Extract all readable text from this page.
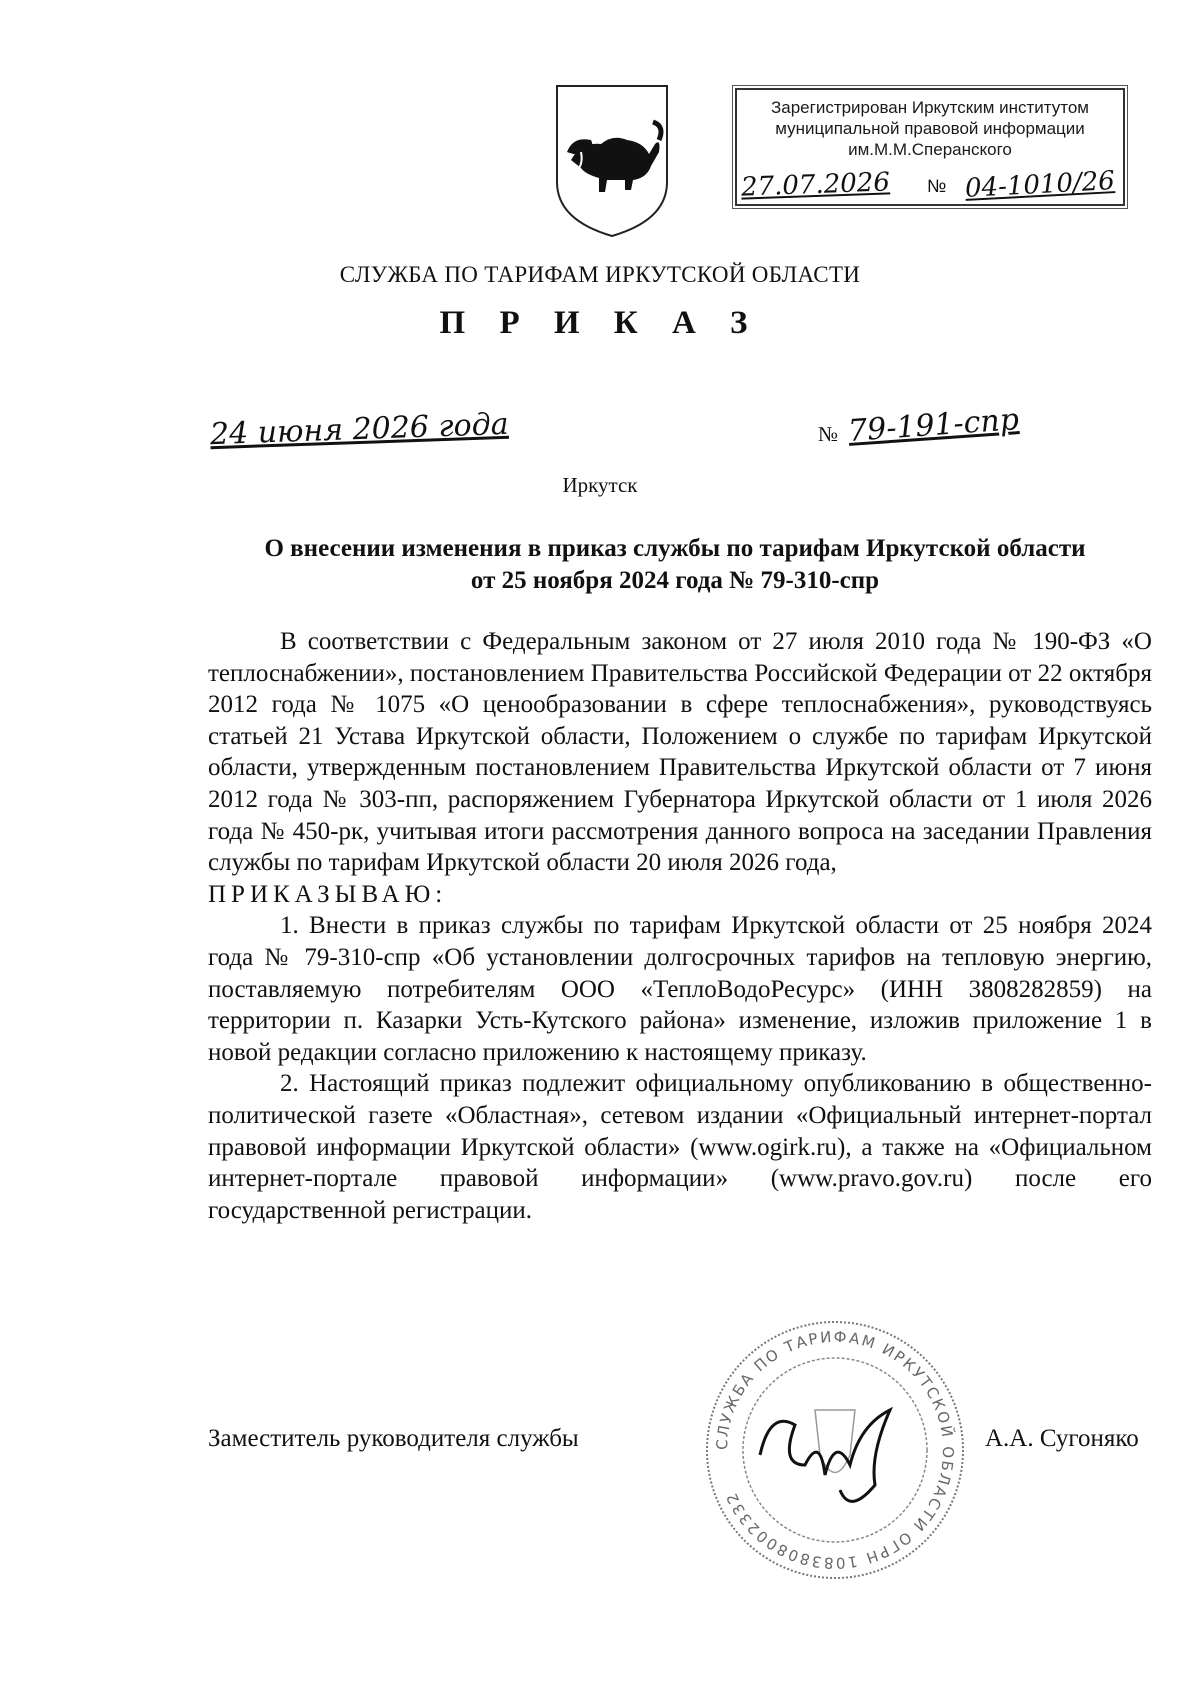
Зарегистрирован Иркутским институтом
муниципальной правовой информации
им.М.М.Сперанского
27.07.2026 № 04-1010/26
СЛУЖБА ПО ТАРИФАМ ИРКУТСКОЙ ОБЛАСТИ
П Р И К А З
24 июня 2026 года	№ 79-191-спр
Иркутск
О внесении изменения в приказ службы по тарифам Иркутской области
от 25 ноября 2024 года № 79-310-спр

В соответствии с Федеральным законом от 27 июля 2010 года № 190-ФЗ «О теплоснабжении», постановлением Правительства Российской Федерации от 22 октября 2012 года № 1075 «О ценообразовании в сфере теплоснабжения», руководствуясь статьей 21 Устава Иркутской области, Положением о службе по тарифам Иркутской области, утвержденным постановлением Правительства Иркутской области от 7 июня 2012 года № 303-пп, распоряжением Губернатора Иркутской области от 1 июля 2026 года № 450-рк, учитывая итоги рассмотрения данного вопроса на заседании Правления службы по тарифам Иркутской области 20 июля 2026 года,

ПРИКАЗЫВАЮ:

1. Внести в приказ службы по тарифам Иркутской области от 25 ноября 2024 года № 79-310-спр «Об установлении долгосрочных тарифов на тепловую энергию, поставляемую потребителям ООО «ТеплоВодоРесурс» (ИНН 3808282859) на территории п. Казарки Усть-Кутского района» изменение, изложив приложение 1 в новой редакции согласно приложению к настоящему приказу.

2. Настоящий приказ подлежит официальному опубликованию в общественно-политической газете «Областная», сетевом издании «Официальный интернет-портал правовой информации Иркутской области» (www.ogirk.ru), а также на «Официальном интернет-портале правовой информации» (www.pravo.gov.ru) после его государственной регистрации.

Заместитель руководителя службы	А.А. Сугоняко
СЛУЖБА ПО ТАРИФАМ ИРКУТСКОЙ ОБЛАСТИ ОГРН 1083808002332
